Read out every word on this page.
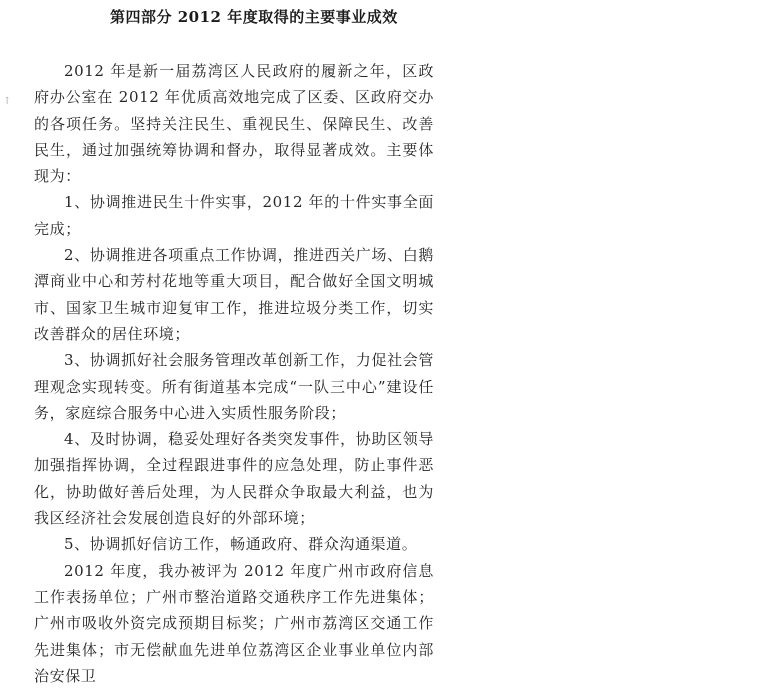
第四部分 2012 年度取得的主要事业成效
↑

2012 年是新一届荔湾区人民政府的履新之年，区政府办公室在 2012 年优质高效地完成了区委、区政府交办的各项任务。坚持关注民生、重视民生、保障民生、改善民生，通过加强统筹协调和督办，取得显著成效。主要体现为：

1、协调推进民生十件实事，2012 年的十件实事全面完成；

2、协调推进各项重点工作协调，推进西关广场、白鹅潭商业中心和芳村花地等重大项目，配合做好全国文明城市、国家卫生城市迎复审工作，推进垃圾分类工作，切实改善群众的居住环境；

3、协调抓好社会服务管理改革创新工作，力促社会管理观念实现转变。所有街道基本完成“一队三中心”建设任务，家庭综合服务中心进入实质性服务阶段；

4、及时协调，稳妥处理好各类突发事件，协助区领导加强指挥协调，全过程跟进事件的应急处理，防止事件恶化，协助做好善后处理，为人民群众争取最大利益，也为我区经济社会发展创造良好的外部环境；

5、协调抓好信访工作，畅通政府、群众沟通渠道。

2012 年度，我办被评为 2012 年度广州市政府信息工作表扬单位；广州市整治道路交通秩序工作先进集体；广州市吸收外资完成预期目标奖；广州市荔湾区交通工作先进集体；市无偿献血先进单位荔湾区企业事业单位内部治安保卫
